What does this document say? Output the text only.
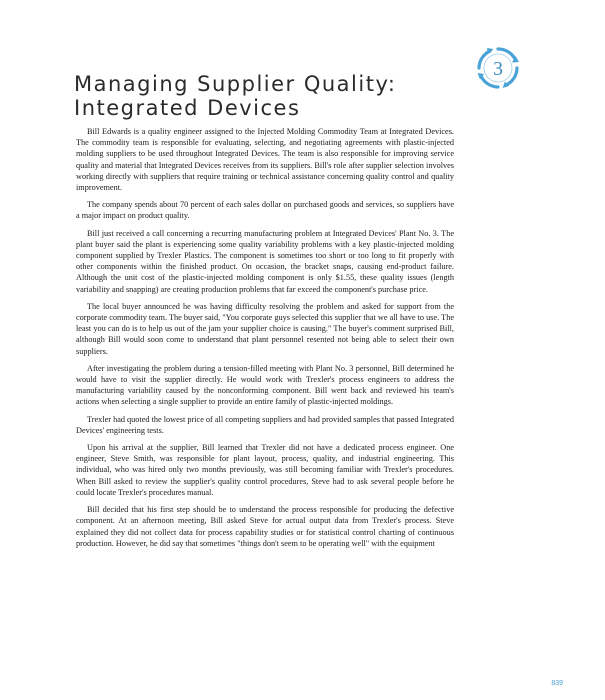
Managing Supplier Quality:
Integrated Devices
3

Bill Edwards is a quality engineer assigned to the Injected Molding Commodity Team at Integrated Devices. The commodity team is responsible for evaluating, selecting, and negotiating agreements with plastic-injected molding suppliers to be used throughout Integrated Devices. The team is also responsible for improving service quality and material that Integrated Devices receives from its suppliers. Bill's role after supplier selection involves working directly with suppliers that require training or technical assistance concerning quality control and quality improvement.

The company spends about 70 percent of each sales dollar on purchased goods and services, so suppliers have a major impact on product quality.

Bill just received a call concerning a recurring manufacturing problem at Integrated Devices' Plant No. 3. The plant buyer said the plant is experiencing some quality variability problems with a key plastic-injected molding component supplied by Trexler Plastics. The component is sometimes too short or too long to fit properly with other components within the finished product. On occasion, the bracket snaps, causing end-product failure. Although the unit cost of the plastic-injected molding component is only $1.55, these quality issues (length variability and snapping) are creating production problems that far exceed the component's purchase price.

The local buyer announced he was having difficulty resolving the problem and asked for support from the corporate commodity team. The buyer said, "You corporate guys selected this supplier that we all have to use. The least you can do is to help us out of the jam your supplier choice is causing." The buyer's comment surprised Bill, although Bill would soon come to understand that plant personnel resented not being able to select their own suppliers.

After investigating the problem during a tension-filled meeting with Plant No. 3 personnel, Bill determined he would have to visit the supplier directly. He would work with Trexler's process engineers to address the manufacturing variability caused by the nonconforming component. Bill went back and reviewed his team's actions when selecting a single supplier to provide an entire family of plastic-injected moldings.

Trexler had quoted the lowest price of all competing suppliers and had provided samples that passed Integrated Devices' engineering tests.

Upon his arrival at the supplier, Bill learned that Trexler did not have a dedicated process engineer. One engineer, Steve Smith, was responsible for plant layout, process, quality, and industrial engineering. This individual, who was hired only two months previously, was still becoming familiar with Trexler's procedures. When Bill asked to review the supplier's quality control procedures, Steve had to ask several people before he could locate Trexler's procedures manual.

Bill decided that his first step should be to understand the process responsible for producing the defective component. At an afternoon meeting, Bill asked Steve for actual output data from Trexler's process. Steve explained they did not collect data for process capability studies or for statistical control charting of continuous production. However, he did say that sometimes "things don't seem to be operating well" with the equipment

839
